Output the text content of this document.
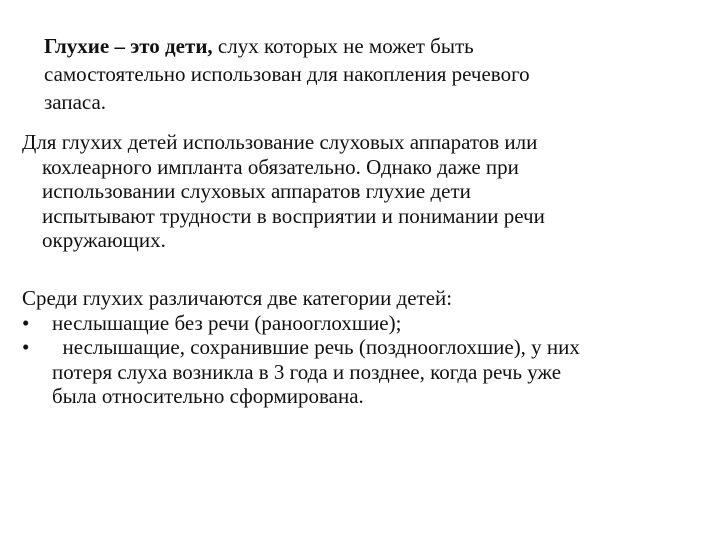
Глухие – это дети, слух которых не может быть
самостоятельно использован для накопления речевого
запаса.
Для глухих детей использование слуховых аппаратов или
кохлеарного импланта обязательно. Однако даже при
использовании слуховых аппаратов глухие дети
испытывают трудности в восприятии и понимании речи
окружающих.
Среди глухих различаются две категории детей:
•	неслышащие без речи (ранооглохшие);
•	неслышащие, сохранившие речь (позднооглохшие), у них
потеря слуха возникла в 3 года и позднее, когда речь уже
была относительно сформирована.
